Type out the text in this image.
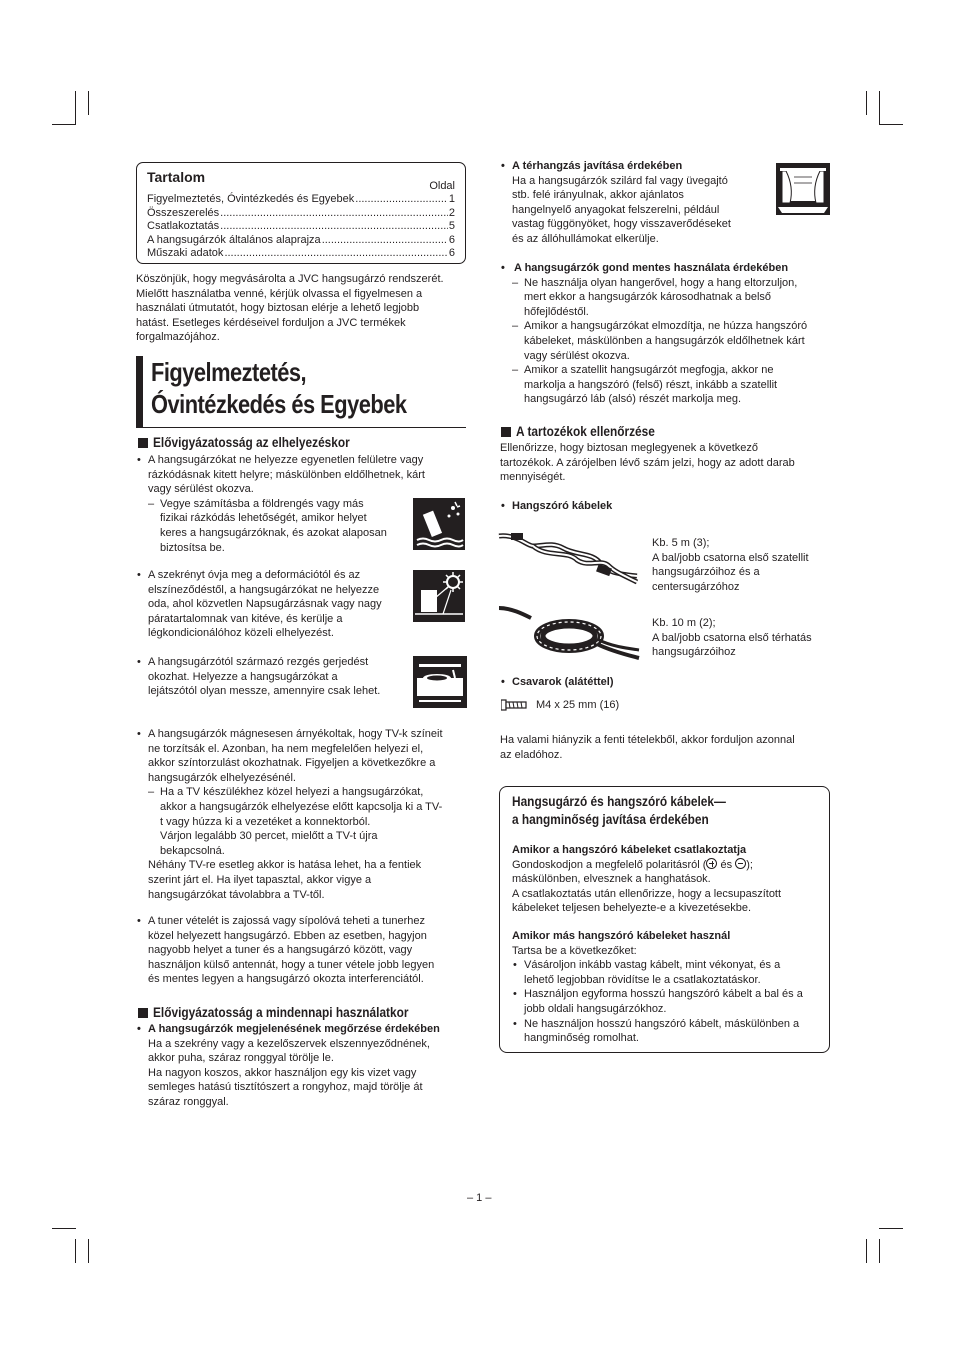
Tartalom
Oldal
Figyelmeztetés, Óvintézkedés és Egyebek .....	1
Összeszerelés .....	2
Csatlakoztatás .....	5
A hangsugárzók általános alaprajza .....	6
Műszaki adatok .....	6
Köszönjük, hogy megvásárolta a JVC hangsugárzó rendszerét.
Mielőtt használatba venné, kérjük olvassa el figyelmesen a
használati útmutatót, hogy biztosan elérje a lehető legjobb
hatást. Esetleges kérdéseivel forduljon a JVC termékek
forgalmazójához.
Figyelmeztetés,
Óvintézkedés és Egyebek
Elővigyázatosság az elhelyezéskor
• A hangsugárzókat ne helyezze egyenetlen felületre vagy
rázkódásnak kitett helyre; máskülönben eldőlhetnek, kárt
vagy sérülést okozva.
– Vegye számításba a földrengés vagy más
fizikai rázkódás lehetőségét, amikor helyet
keres a hangsugárzóknak, és azokat alaposan
biztosítsa be.
• A szekrényt óvja meg a deformációtól és az
elszíneződéstől, a hangsugárzókat ne helyezze
oda, ahol közvetlen Napsugárzásnak vagy nagy
páratartalomnak van kitéve, és kerülje a
légkondicionálóhoz közeli elhelyezést.
• A hangsugárzótól származó rezgés gerjedést
okozhat. Helyezze a hangsugárzókat a
lejátszótól olyan messze, amennyire csak lehet.
• A hangsugárzók mágnesesen árnyékoltak, hogy TV-k színeit
ne torzítsák el. Azonban, ha nem megfelelően helyezi el,
akkor színtorzulást okozhatnak. Figyeljen a következőkre a
hangsugárzók elhelyezésénél.
– Ha a TV készülékhez közel helyezi a hangsugárzókat,
akkor a hangsugárzók elhelyezése előtt kapcsolja ki a TV-
t vagy húzza ki a vezetéket a konnektorból.
Várjon legalább 30 percet, mielőtt a TV-t újra
bekapcsolná.
Néhány TV-re esetleg akkor is hatása lehet, ha a fentiek
szerint járt el. Ha ilyet tapasztal, akkor vigye a
hangsugárzókat távolabbra a TV-től.
• A tuner vételét is zajossá vagy sípolóvá teheti a tunerhez
közel helyezett hangsugárzó. Ebben az esetben, hagyjon
nagyobb helyet a tuner és a hangsugárzó között, vagy
használjon külső antennát, hogy a tuner vétele jobb legyen
és mentes legyen a hangsugárzó okozta interferenciától.
Elővigyázatosság a mindennapi használatkor
• A hangsugárzók megjelenésének megőrzése érdekében
Ha a szekrény vagy a kezelőszervek elszennyeződnének,
akkor puha, száraz ronggyal törölje le.
Ha nagyon koszos, akkor használjon egy kis vizet vagy
semleges hatású tisztítószert a rongyhoz, majd törölje át
száraz ronggyal.
• A térhangzás javítása érdekében
Ha a hangsugárzók szilárd fal vagy üvegajtó
stb. felé irányulnak, akkor ajánlatos
hangelnyelő anyagokat felszerelni, például
vastag függönyöket, hogy visszaverődéseket
és az állóhullámokat elkerülje.
• A hangsugárzók gond mentes használata érdekében
– Ne használja olyan hangerővel, hogy a hang eltorzuljon,
mert ekkor a hangsugárzók károsodhatnak a belső
hőfejlődéstől.
– Amikor a hangsugárzókat elmozdítja, ne húzza hangszóró
kábeleket, máskülönben a hangsugárzók eldőlhetnek kárt
vagy sérülést okozva.
– Amikor a szatellit hangsugárzót megfogja, akkor ne
markolja a hangszóró (felső) részt, inkább a szatellit
hangsugárzó láb (alsó) részét markolja meg.
A tartozékok ellenőrzése
Ellenőrizze, hogy biztosan meglegyenek a következő
tartozékok. A zárójelben lévő szám jelzi, hogy az adott darab
mennyiségét.
• Hangszóró kábelek
Kb. 5 m (3);
A bal/jobb csatorna első szatellit
hangsugárzóihoz és a
centersugárzóhoz
Kb. 10 m (2);
A bal/jobb csatorna első térhatás
hangsugárzóihoz
• Csavarok (alátéttel)
M4 x 25 mm (16)
Ha valami hiányzik a fenti tételekből, akkor forduljon azonnal
az eladóhoz.
Hangsugárzó és hangszóró kábelek—
a hangminőség javítása érdekében
Amikor a hangszóró kábeleket csatlakoztatja
Gondoskodjon a megfelelő polaritásról (
és
);
máskülönben, elvesznek a hanghatások.
A csatlakoztatás után ellenőrizze, hogy a lecsupaszított
kábeleket teljesen behelyezte-e a kivezetésekbe.
Amikor más hangszóró kábeleket használ
Tartsa be a következőket:
• Vásároljon inkább vastag kábelt, mint vékonyat, és a
lehető legjobban rövidítse le a csatlakoztatáskor.
• Használjon egyforma hosszú hangszóró kábelt a bal és a
jobb oldali hangsugárzókhoz.
• Ne használjon hosszú hangszóró kábelt, máskülönben a
hangminőség romolhat.
– 1 –
